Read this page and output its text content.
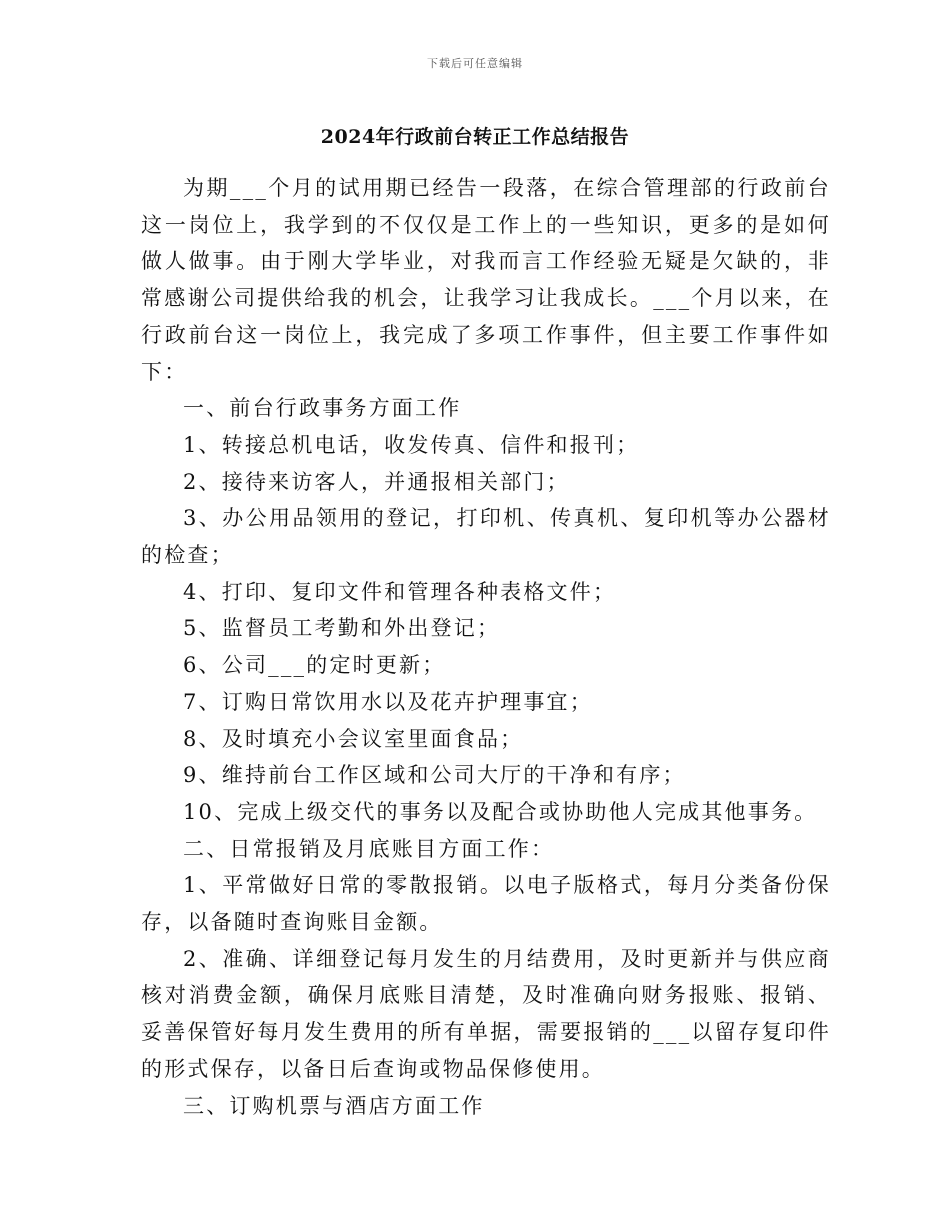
下载后可任意编辑
2024年行政前台转正工作总结报告

为期___个月的试用期已经告一段落，在综合管理部的行政前台这一岗位上，我学到的不仅仅是工作上的一些知识，更多的是如何做人做事。由于刚大学毕业，对我而言工作经验无疑是欠缺的，非常感谢公司提供给我的机会，让我学习让我成长。___个月以来，在行政前台这一岗位上，我完成了多项工作事件，但主要工作事件如下：

一、前台行政事务方面工作

1、转接总机电话，收发传真、信件和报刊；

2、接待来访客人，并通报相关部门；

3、办公用品领用的登记，打印机、传真机、复印机等办公器材的检查；

4、打印、复印文件和管理各种表格文件；

5、监督员工考勤和外出登记；

6、公司___的定时更新；

7、订购日常饮用水以及花卉护理事宜；

8、及时填充小会议室里面食品；

9、维持前台工作区域和公司大厅的干净和有序；

10、完成上级交代的事务以及配合或协助他人完成其他事务。

二、日常报销及月底账目方面工作：

1、平常做好日常的零散报销。以电子版格式，每月分类备份保存，以备随时查询账目金额。

2、准确、详细登记每月发生的月结费用，及时更新并与供应商核对消费金额，确保月底账目清楚，及时准确向财务报账、报销、妥善保管好每月发生费用的所有单据，需要报销的___以留存复印件的形式保存，以备日后查询或物品保修使用。

三、订购机票与酒店方面工作
